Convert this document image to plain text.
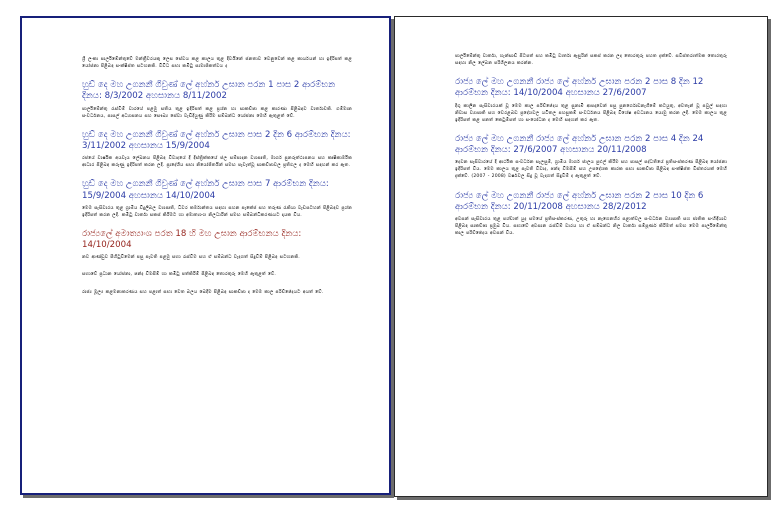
ශ්‍රී ලංකා පාර්ලිමේන්තුවේ මන්ත්‍රීවරයකු ලෙස සේවය කළ කාලය තුළ දිවයිනේ ජනතාව වෙනුවෙන් කළ කාර්යයන් හා ඉදිරිපත් කළ යෝජනා පිළිබඳ සංක්ෂිප්ත සටහනකි. විවිධ සභා කමිටු සාමාජිකත්වය ද

හුඩ් දෙ මහ උගනනී ගිවුණ් ලේ අහ්නර් උඝාන පරන 1 පාස 2 ආරම්භන දිනය: 8/3/2002 අහසානය 8/11/2002

පාර්ලිමේන්තු රැස්වීම් වාරයේ පළමු සතිය තුළ ඉදිරිපත් කළ ප්‍රශ්න හා සාකච්ඡා කළ කාරණා පිළිබඳව වාර්තාවකි. ගම්මාන සංවර්ධනය, පාසල් අධ්‍යාපනය සහ සෞඛ්‍ය සේවා වැඩිදියුණු කිරීම සම්බන්ධ යෝජනා මෙහි ඇතුළත් වේ.

හුඩ් දෙ මහ උගනනී ගිවුණ් ලේ අහ්නර් උඝාන පාස 2 දින 6 ආරම්භන දිනය: 3/11/2002 අහසානය 15/9/2004

රජයේ වාර්ෂික අයවැය ලේඛනය පිළිබඳ විවාදයේ දී දිස්ත්‍රික්කයේ ජල සම්පාදන ව්‍යාපෘති, මාර්ග පුනරුත්ථාපනය සහ කෘෂිකාර්මික ආධාර පිළිබඳ කරුණු ඉදිරිපත් කරන ලදී. ප්‍රාදේශීය සභා නියෝජිතයින් සමඟ පැවැත්වූ සාකච්ඡාවල ප්‍රතිඵල ද මෙහි සඳහන් කර ඇත.

හුඩ් දෙ මහ උගනනී ගිවුණ් ලේ අහ්නර් උඝාන පාස 7 ආරම්භන දිනය: 15/9/2004 අහසානය 14/10/2004

මෙම සැසිවාරය තුළ ග්‍රාමීය විදුලිබල ව්‍යාපෘති, ධීවර කර්මාන්තය සඳහා සහන පැකේජ සහ තරුණ රැකියා වැඩසටහන් පිළිබඳව ප්‍රශ්න ඉදිරිපත් කරන ලදී. කමිටු වාර්තා සකස් කිරීමට හා අමාත්‍යාංශ නිලධාරීන් සමඟ සම්බන්ධීකරණයට දායක විය.

රාජ්‍යලේ අමාත්‍යාංශ පරත 18 හි මහ උඝාන ආරම්භනය දිනය: 14/10/2004

නව ආණ්ඩුව පිහිටුවීමෙන් පසු පැවති පළමු සභා රැස්වීම සහ ඒ සම්බන්ධ වැදගත් සිදුවීම් පිළිබඳ සටහනකි.

සභාවේ ප්‍රධාන යෝජනා, ඡන්ද විමසීම් හා කමිටු පත්කිරීම් පිළිබඳ තොරතුරු මෙහි ඇතුළත් වේ.

රාජ්‍ය මූල්‍ය කළමනාකරණය සහ පළාත් සභා වෙත බලය බෙදීම පිළිබඳ සාකච්ඡා ද මෙම කාල පරිච්ඡේදයට අයත් වේ.

පාර්ලිමේන්තු වාර්තා, හැන්සාඩ් පිටපත් සහ කමිටු වාර්තා ඇසුරින් සකස් කරන ලද තොරතුරු පහත දැක්වේ. සවිස්තරාත්මක තොරතුරු සඳහා නිල ලේඛන පරිශීලනය කරන්න.

රාජ්‍ය ලේ මහ උගනනී රාජ්‍ය ලේ අහ්නර් උඝාන පරන 2 පාස 8 දින 12 ආරම්භන දිනය: 14/10/2004 අහසානය 27/6/2007

දිගු කාලීන සැසිවාරයක් වූ මෙම කාල පරිච්ඡේදය තුළ සුනාමි ආපදාවෙන් පසු පුනර්ගොඩනැගීමේ කටයුතු, අවතැන් වූ පවුල් සඳහා නිවාස ව්‍යාපෘති සහ වෙරළබඩ ප්‍රදේශවල යටිතල පහසුකම් සංවර්ධනය පිළිබඳ විශේෂ අවධානය යොමු කරන ලදී. මෙම කාලය තුළ ඉදිරිපත් කළ පනත් කෙටුම්පත් හා සංශෝධන ද මෙහි සඳහන් කර ඇත.

රාජ්‍ය ලේ මහ උගනනී රාජ්‍ය ලේ අහ්නර් උඝාන පරන 2 පාස 4 දින 24 ආරම්භන දිනය: 27/6/2007 අහසානය 20/11/2008

දෙවන සැසිවාරයේ දී ආර්ථික සංවර්ධන සැලසුම්, ග්‍රාමීය මාර්ග ජාලය පුළුල් කිරීම සහ පාසල් පද්ධතියේ ප්‍රතිසංස්කරණ පිළිබඳ යෝජනා ඉදිරිපත් විය. මෙම කාලය තුළ පැවති විවාද, ඡන්ද විමසීම් සහ උපදේශක කාරක සභා සාකච්ඡා පිළිබඳ සංක්ෂිප්ත විස්තරයක් මෙහි දැක්වේ. (2007 - 2008) වර්ෂවල සිදු වූ වැදගත් සිදුවීම් ද ඇතුළත් වේ.

රාජ්‍ය ලේ මහ උගනනී රාජ්‍ය ලේ අහ්නර් උඝාන පරන 2 පාස 10 දින 6 ආරම්භන දිනය: 20/11/2008 අහසානය 28/2/2012

අවසන් සැසිවාරය තුළ පශ්චාත් යුද සමයේ ප්‍රතිසංස්කරණ, උතුරු හා නැගෙනහිර පළාත්වල සංවර්ධන ව්‍යාපෘති සහ ජාතික සංහිඳියාව පිළිබඳ සාකච්ඡා ප්‍රමුඛ විය. සභාවේ අවසාන රැස්වීම් වාරය හා ඒ සම්බන්ධ නිල වාර්තා සම්පූර්ණ කිරීමත් සමඟ මෙම පාර්ලිමේන්තු කාල පරිච්ඡේදය අවසන් විය.
